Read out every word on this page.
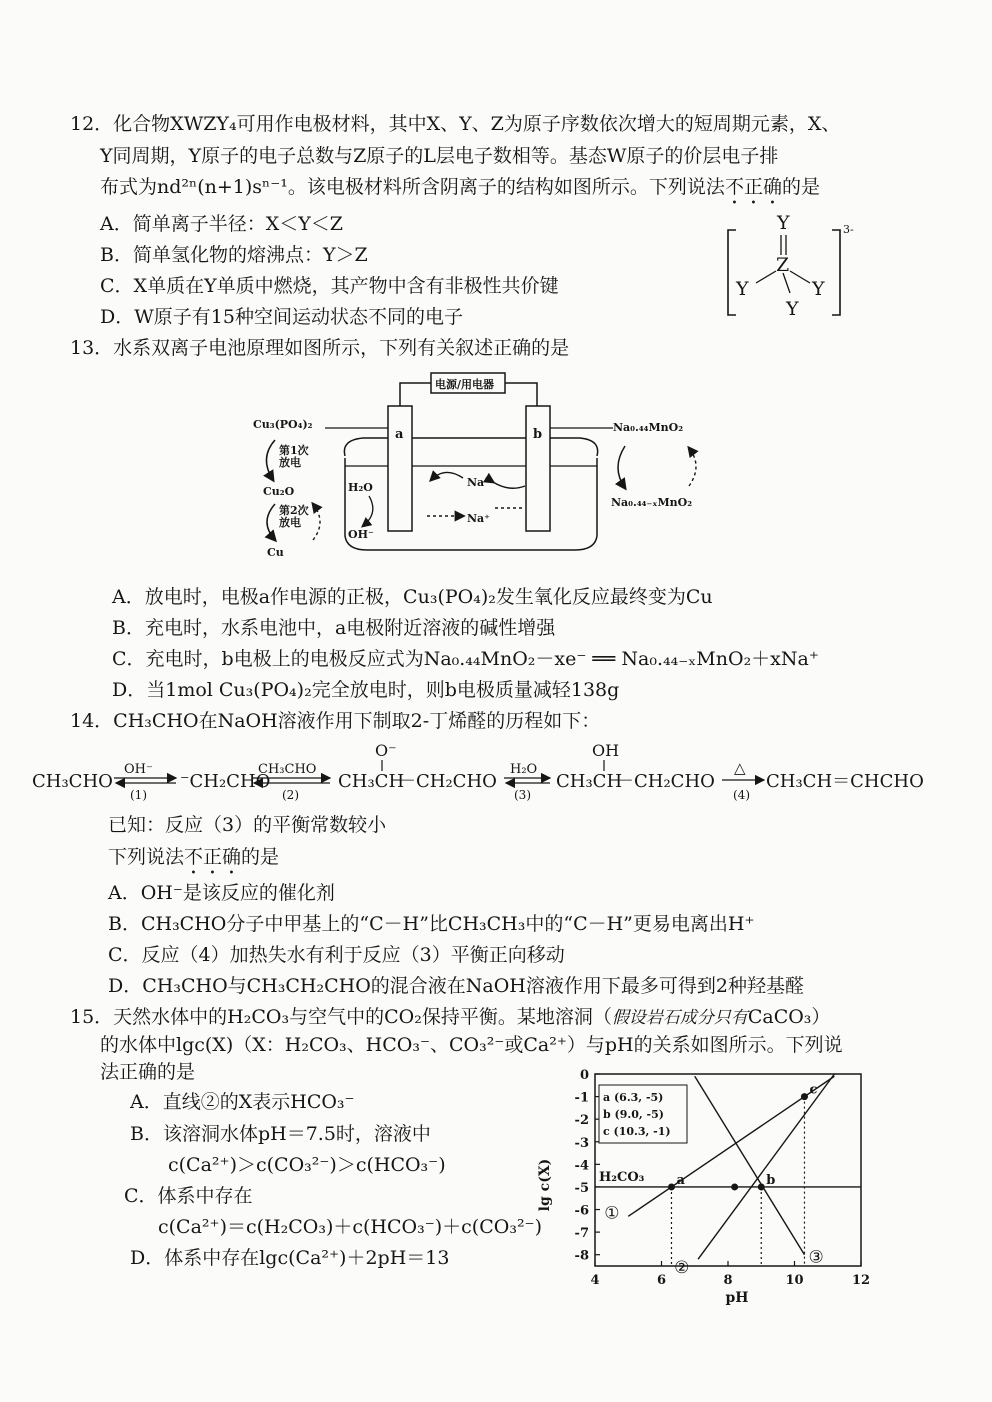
12．化合物XWZY₄可用作电极材料，其中X、Y、Z为原子序数依次增大的短周期元素，X、
Y同周期，Y原子的电子总数与Z原子的L层电子数相等。基态W原子的价层电子排
布式为nd²ⁿ(n+1)sⁿ⁻¹。该电极材料所含阴离子的结构如图所示。下列说法不正确的是
A．简单离子半径：X＜Y＜Z
B．简单氢化物的熔沸点：Y＞Z
C．X单质在Y单质中燃烧，其产物中含有非极性共价键
D．W原子有15种空间运动状态不同的电子
Y
Z
Y	Y
Y
3-
13．水系双离子电池原理如图所示，下列有关叙述正确的是
电源/用电器
a	b
Cu₃(PO₄)₂
第1次
放电
Cu₂O
第2次
放电
Cu
H₂O
OH⁻
Na⁺
Na⁺
Na₀.₄₄MnO₂
Na₀.₄₄₋ₓMnO₂
A．放电时，电极a作电源的正极，Cu₃(PO₄)₂发生氧化反应最终变为Cu
B．充电时，水系电池中，a电极附近溶液的碱性增强
C．充电时，b电极上的电极反应式为Na₀.₄₄MnO₂－xe⁻ ══ Na₀.₄₄₋ₓMnO₂＋xNa⁺
D．当1mol Cu₃(PO₄)₂完全放电时，则b电极质量减轻138g
14．CH₃CHO在NaOH溶液作用下制取2-丁烯醛的历程如下：
CH₃CHO
OH⁻
(1)
⁻CH₂CHO
CH₃CHO
(2)
CH₃CH
O⁻
－CH₂CHO
H₂O
(3)
CH₃CH
OH
－CH₂CHO
△
(4)
CH₃CH＝CHCHO
已知：反应（3）的平衡常数较小
下列说法不正确的是
A．OH⁻是该反应的催化剂
B．CH₃CHO分子中甲基上的“C－H”比CH₃CH₃中的“C－H”更易电离出H⁺
C．反应（4）加热失水有利于反应（3）平衡正向移动
D．CH₃CHO与CH₃CH₂CHO的混合液在NaOH溶液作用下最多可得到2种羟基醛
15．天然水体中的H₂CO₃与空气中的CO₂保持平衡。某地溶洞（假设岩石成分只有CaCO₃）
的水体中lgc(X)（X：H₂CO₃、HCO₃⁻、CO₃²⁻或Ca²⁺）与pH的关系如图所示。下列说
法正确的是
A．直线②的X表示HCO₃⁻
B．该溶洞水体pH＝7.5时，溶液中
c(Ca²⁺)＞c(CO₃²⁻)＞c(HCO₃⁻)
C．体系中存在
c(Ca²⁺)＝c(H₂CO₃)＋c(HCO₃⁻)＋c(CO₃²⁻)
D．体系中存在lgc(Ca²⁺)＋2pH＝13
4	6	8	10	12
0
-1
-2
-3
-4
-5
-6
-7
-8
①
②
③
a	b
c
a (6.3, -5)
b (9.0, -5)
c (10.3, -1)
H₂CO₃
lg c(X)
pH
